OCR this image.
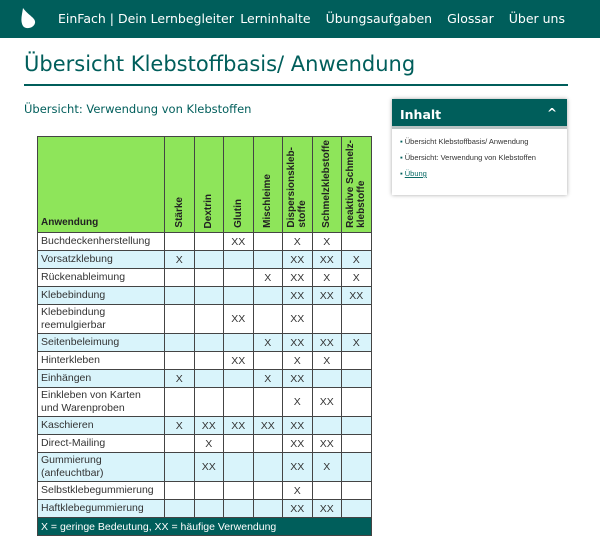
EinFach | Dein Lernbegleiter Lerninhalte Übungsaufgaben Glossar Über uns
Übersicht Klebstoffbasis/ Anwendung
Übersicht: Verwendung von Klebstoffen
Anwendung	Stärke	Dextrin	Glutin	Mischleime	Dispersionskleb-
stoffe	Schmelzklebstoffe	Reaktive Schmelz-
klebstoffe

Buchdeckenherstellung			XX		X	X	
Vorsatzklebung	X				XX	XX	X
Rückenableimung				X	XX	X	X
Klebebindung					XX	XX	XX
Klebebindung reemulgierbar			XX		XX		
Seitenbeleimung				X	XX	XX	X
Hinterkleben			XX		X	X	
Einhängen	X			X	XX		
Einkleben von Karten und Warenproben					X	XX	
Kaschieren	X	XX	XX	XX	XX		
Direct-Mailing		X			XX	XX	
Gummierung (anfeuchtbar)		XX			XX	X	
Selbstklebegummierung					X		
Haftklebegummierung					XX	XX	
X = geringe Bedeutung, XX = häufige Verwendung							
Inhalt	^
▪ Übersicht Klebstoffbasis/ Anwendung
▪ Übersicht: Verwendung von Klebstoffen
▪ Übung
